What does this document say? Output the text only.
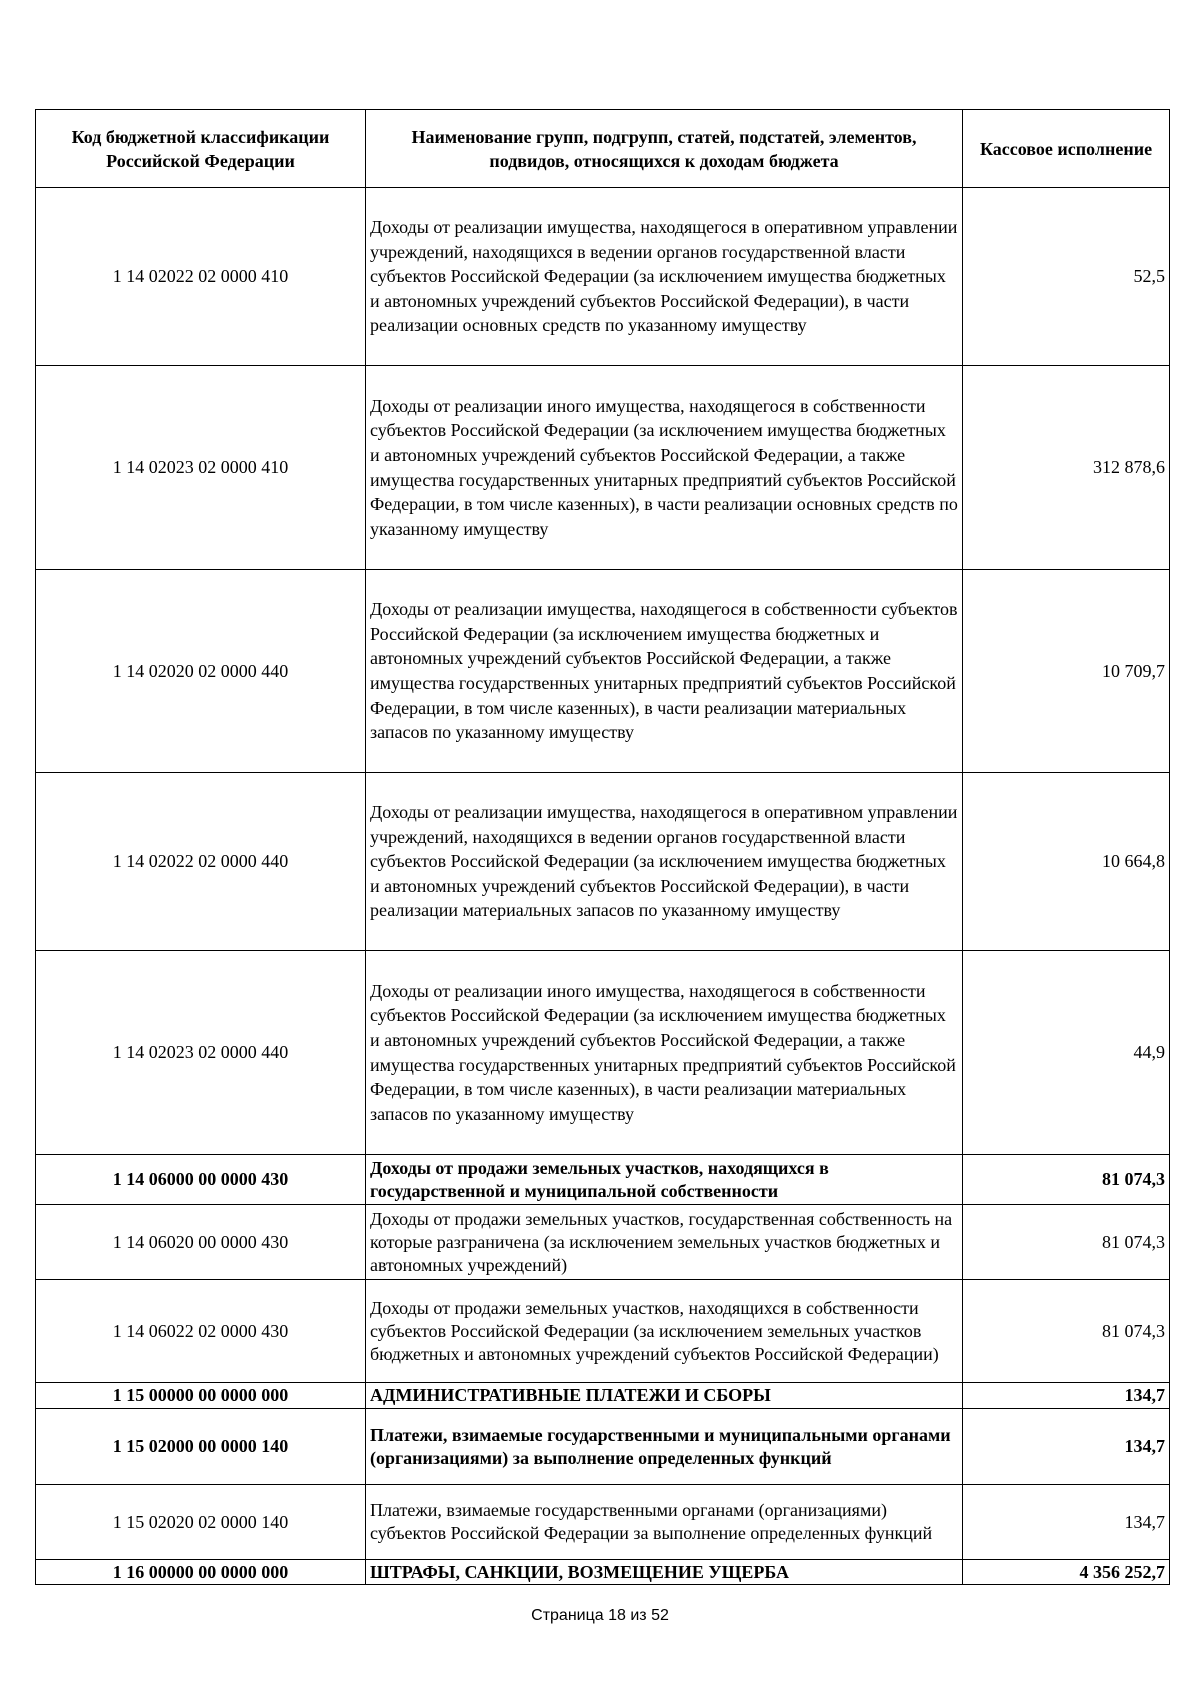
Код бюджетной классификации Российской Федерации	Наименование групп, подгрупп, статей, подстатей, элементов, подвидов, относящихся к доходам бюджета	Кассовое исполнение
1 14 02022 02 0000 410	Доходы от реализации имущества, находящегося в оперативном управлении учреждений, находящихся в ведении органов государственной власти субъектов Российской Федерации (за исключением имущества бюджетных и автономных учреждений субъектов Российской Федерации), в части реализации основных средств по указанному имуществу	52,5
1 14 02023 02 0000 410	Доходы от реализации иного имущества, находящегося в собственности субъектов Российской Федерации (за исключением имущества бюджетных и автономных учреждений субъектов Российской Федерации, а также имущества государственных унитарных предприятий субъектов Российской Федерации, в том числе казенных), в части реализации основных средств по указанному имуществу	312 878,6
1 14 02020 02 0000 440	Доходы от реализации имущества, находящегося в собственности субъектов Российской Федерации (за исключением имущества бюджетных и автономных учреждений субъектов Российской Федерации, а также имущества государственных унитарных предприятий субъектов Российской Федерации, в том числе казенных), в части реализации материальных запасов по указанному имуществу	10 709,7
1 14 02022 02 0000 440	Доходы от реализации имущества, находящегося в оперативном управлении учреждений, находящихся в ведении органов государственной власти субъектов Российской Федерации (за исключением имущества бюджетных и автономных учреждений субъектов Российской Федерации), в части реализации материальных запасов по указанному имуществу	10 664,8
1 14 02023 02 0000 440	Доходы от реализации иного имущества, находящегося в собственности субъектов Российской Федерации (за исключением имущества бюджетных и автономных учреждений субъектов Российской Федерации, а также имущества государственных унитарных предприятий субъектов Российской Федерации, в том числе казенных), в части реализации материальных запасов по указанному имуществу	44,9
1 14 06000 00 0000 430	Доходы от продажи земельных участков, находящихся в государственной и муниципальной собственности	81 074,3
1 14 06020 00 0000 430	Доходы от продажи земельных участков, государственная собственность на которые разграничена (за исключением земельных участков бюджетных и автономных учреждений)	81 074,3
1 14 06022 02 0000 430	Доходы от продажи земельных участков, находящихся в собственности субъектов Российской Федерации (за исключением земельных участков бюджетных и автономных учреждений субъектов Российской Федерации)	81 074,3
1 15 00000 00 0000 000	АДМИНИСТРАТИВНЫЕ ПЛАТЕЖИ И СБОРЫ	134,7
1 15 02000 00 0000 140	Платежи, взимаемые государственными и муниципальными органами (организациями) за выполнение определенных функций	134,7
1 15 02020 02 0000 140	Платежи, взимаемые государственными органами (организациями) субъектов Российской Федерации за выполнение определенных функций	134,7
1 16 00000 00 0000 000	ШТРАФЫ, САНКЦИИ, ВОЗМЕЩЕНИЕ УЩЕРБА	4 356 252,7
Страница 18 из 52
